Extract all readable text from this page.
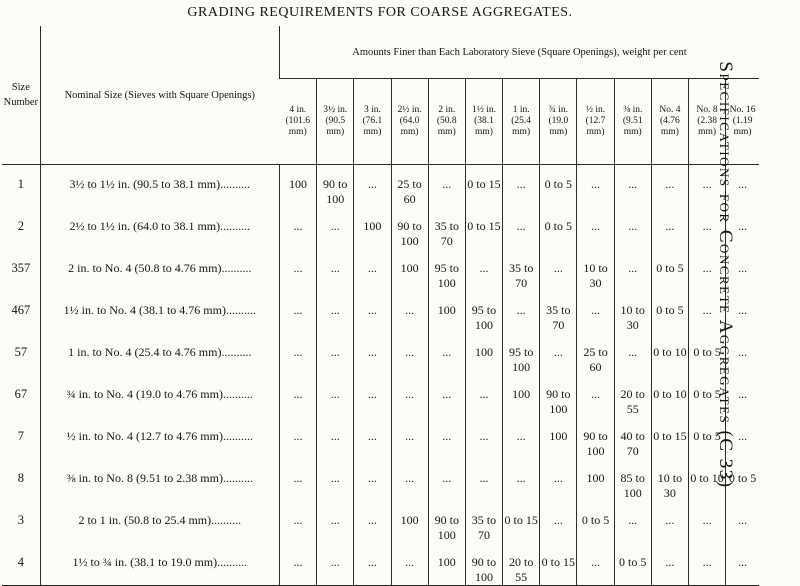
GRADING REQUIREMENTS FOR COARSE AGGREGATES.
Size Number	Nominal Size (Sieves with Square Openings)	Amounts Finer than Each Laboratory Sieve (Square Openings), weight per cent												
		4 in. (101.6 mm)	3½ in. (90.5 mm)	3 in. (76.1 mm)	2½ in. (64.0 mm)	2 in. (50.8 mm)	1½ in. (38.1 mm)	1 in. (25.4 mm)	¾ in. (19.0 mm)	½ in. (12.7 mm)	⅜ in. (9.51 mm)	No. 4 (4.76 mm)	No. 8 (2.38 mm)	No. 16 (1.19 mm)
1	3½ to 1½ in. (90.5 to 38.1 mm)..........	100	90 to 100	...	25 to 60	...	0 to 15	...	0 to 5	...	...	...	...	...
2	2½ to 1½ in. (64.0 to 38.1 mm)..........	...	...	100	90 to 100	35 to 70	0 to 15	...	0 to 5	...	...	...	...	...
357	2 in. to No. 4 (50.8 to 4.76 mm)..........	...	...	...	100	95 to 100	...	35 to 70	...	10 to 30	...	0 to 5	...	...
467	1½ in. to No. 4 (38.1 to 4.76 mm)..........	...	...	...	...	100	95 to 100	...	35 to 70	...	10 to 30	0 to 5	...	...
57	1 in. to No. 4 (25.4 to 4.76 mm)..........	...	...	...	...	...	100	95 to 100	...	25 to 60	...	0 to 10	0 to 5	...
67	¾ in. to No. 4 (19.0 to 4.76 mm)..........	...	...	...	...	...	...	100	90 to 100	...	20 to 55	0 to 10	0 to 5	...
7	½ in. to No. 4 (12.7 to 4.76 mm)..........	...	...	...	...	...	...	...	100	90 to 100	40 to 70	0 to 15	0 to 5	...
8	⅜ in. to No. 8 (9.51 to 2.38 mm)..........	...	...	...	...	...	...	...	...	100	85 to 100	10 to 30	0 to 10	0 to 5
3	2 to 1 in. (50.8 to 25.4 mm)..........	...	...	...	100	90 to 100	35 to 70	0 to 15	...	0 to 5	...	...	...	...
4	1½ to ¾ in. (38.1 to 19.0 mm)..........	...	...	...	...	100	90 to 100	20 to 55	0 to 15	...	0 to 5	...	...	...
Specifications for Concrete Aggregates (C 33)
